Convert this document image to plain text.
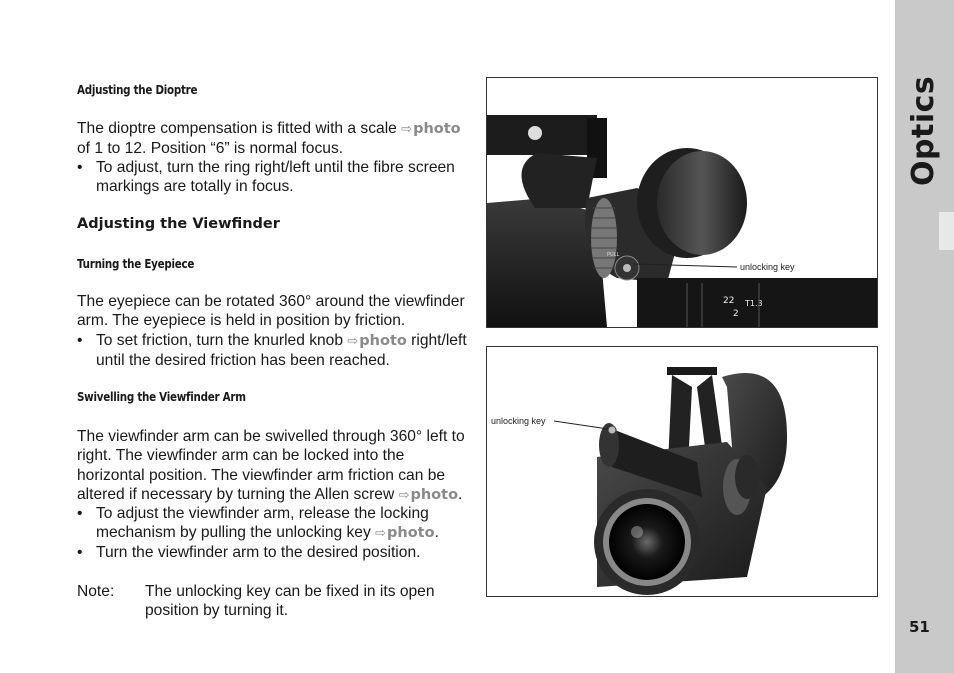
Adjusting the Dioptre
The dioptre compensation is fitted with a scale ⇨photo
of 1 to 12. Position “6” is normal focus.
• To adjust, turn the ring right/left until the fibre screen markings are totally in focus.
Adjusting the Viewfinder
Turning the Eyepiece
The eyepiece can be rotated 360° around the viewfinder arm. The eyepiece is held in position by friction.
• To set friction, turn the knurled knob ⇨photo right/left until the desired friction has been reached.
Swivelling the Viewfinder Arm
The viewfinder arm can be swivelled through 360° left to right. The viewfinder arm can be locked into the horizontal position. The viewfinder arm friction can be altered if necessary by turning the Allen screw ⇨photo.
• To adjust the viewfinder arm, release the locking mechanism by pulling the unlocking key ⇨photo.
• Turn the viewfinder arm to the desired position.
Note:	The unlocking key can be fixed in its open position by turning it.
PULL
22
2
T1.3
unlocking key
unlocking key
Optics
51
